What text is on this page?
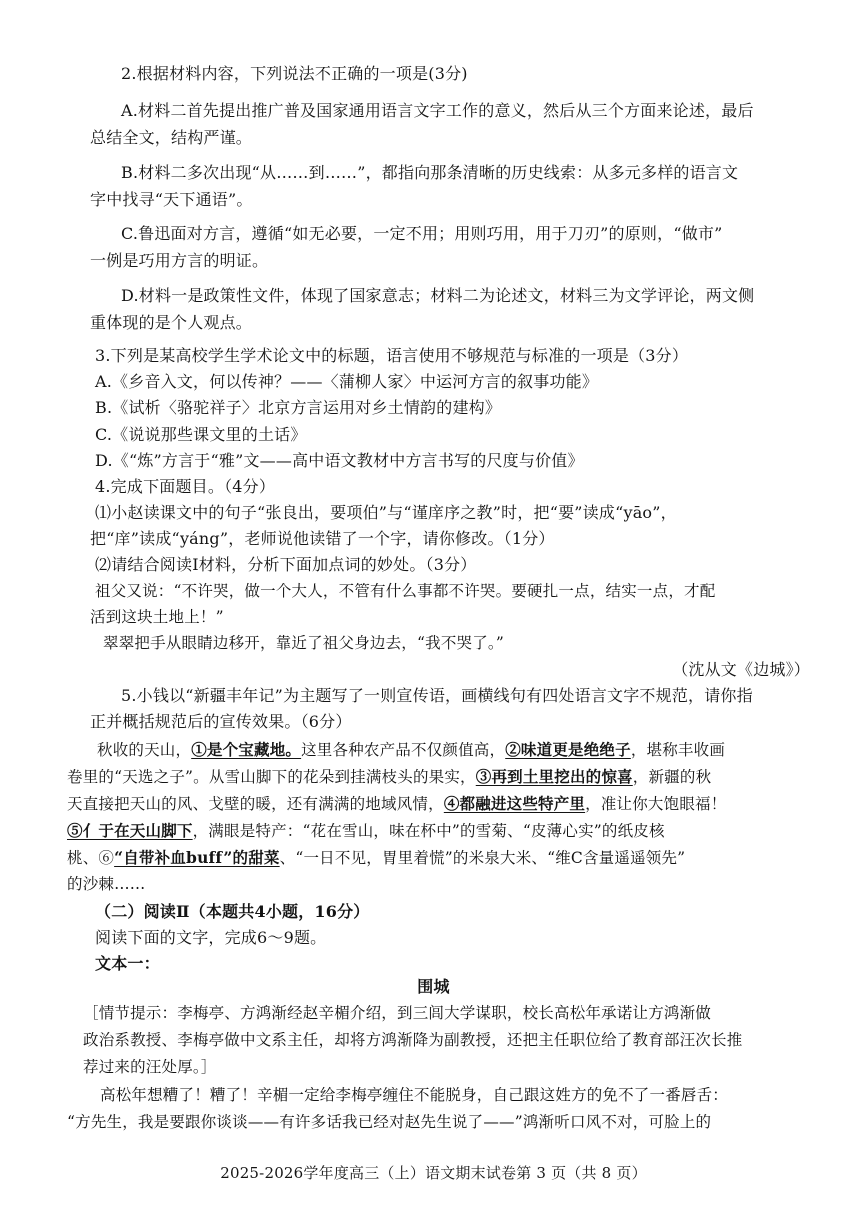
2.根据材料内容，下列说法不正确的一项是(3分)
A.材料二首先提出推广普及国家通用语言文字工作的意义，然后从三个方面来论述，最后
总结全文，结构严谨。
B.材料二多次出现“从……到……”，都指向那条清晰的历史线索：从多元多样的语言文
字中找寻“天下通语”。
C.鲁迅面对方言，遵循“如无必要，一定不用；用则巧用，用于刀刃”的原则，“做市”
一例是巧用方言的明证。
D.材料一是政策性文件，体现了国家意志；材料二为论述文，材料三为文学评论，两文侧
重体现的是个人观点。
3.下列是某高校学生学术论文中的标题，语言使用不够规范与标准的一项是（3分）
A.《乡音入文，何以传神？——〈蒲柳人家〉中运河方言的叙事功能》
B.《试析〈骆驼祥子〉北京方言运用对乡土情韵的建构》
C.《说说那些课文里的土话》
D.《“炼”方言于“雅”文——高中语文教材中方言书写的尺度与价值》
4.完成下面题目。（4分）
⑴小赵读课文中的句子“张良出，要项伯”与“谨庠序之教”时，把“要”读成“yāo”，
把“庠”读成“yáng”，老师说他读错了一个字，请你修改。（1分）
⑵请结合阅读Ⅰ材料，分析下面加点词的妙处。（3分）
祖父又说：“不许哭，做一个大人，不管有什么事都不许哭。要硬扎一点，结实一点，才配
活到这块土地上！”
翠翠把手从眼睛边移开，靠近了祖父身边去，“我不哭了。”
（沈从文《边城》）
5.小钱以“新疆丰年记”为主题写了一则宣传语，画横线句有四处语言文字不规范，请你指
正并概括规范后的宣传效果。（6分）
秋收的天山，①是个宝藏地。这里各种农产品不仅颜值高，②味道更是绝绝子，堪称丰收画
卷里的“天选之子”。从雪山脚下的花朵到挂满枝头的果实，③再到土里挖出的惊喜，新疆的秋
天直接把天山的风、戈壁的暖，还有满满的地域风情，④都融进这些特产里，准让你大饱眼福！
⑤亻于在天山脚下，满眼是特产：“花在雪山，味在杯中”的雪菊、“皮薄心实”的纸皮核
桃、⑥“自带补血buff”的甜菜、“一日不见，胃里着慌”的米泉大米、“维C含量遥遥领先”
的沙棘……
（二）阅读Ⅱ（本题共4小题，16分）
阅读下面的文字，完成6～9题。
文本一：
围城
［情节提示：李梅亭、方鸿渐经赵辛楣介绍，到三闾大学谋职，校长高松年承诺让方鸿渐做
政治系教授、李梅亭做中文系主任，却将方鸿渐降为副教授，还把主任职位给了教育部汪次长推
荐过来的汪处厚。］
高松年想糟了！糟了！辛楣一定给李梅亭缠住不能脱身，自己跟这姓方的免不了一番唇舌：
“方先生，我是要跟你谈谈——有许多话我已经对赵先生说了——”鸿渐听口风不对，可脸上的
2025-2026学年度高三（上）语文期末试卷第 3 页（共 8 页）
